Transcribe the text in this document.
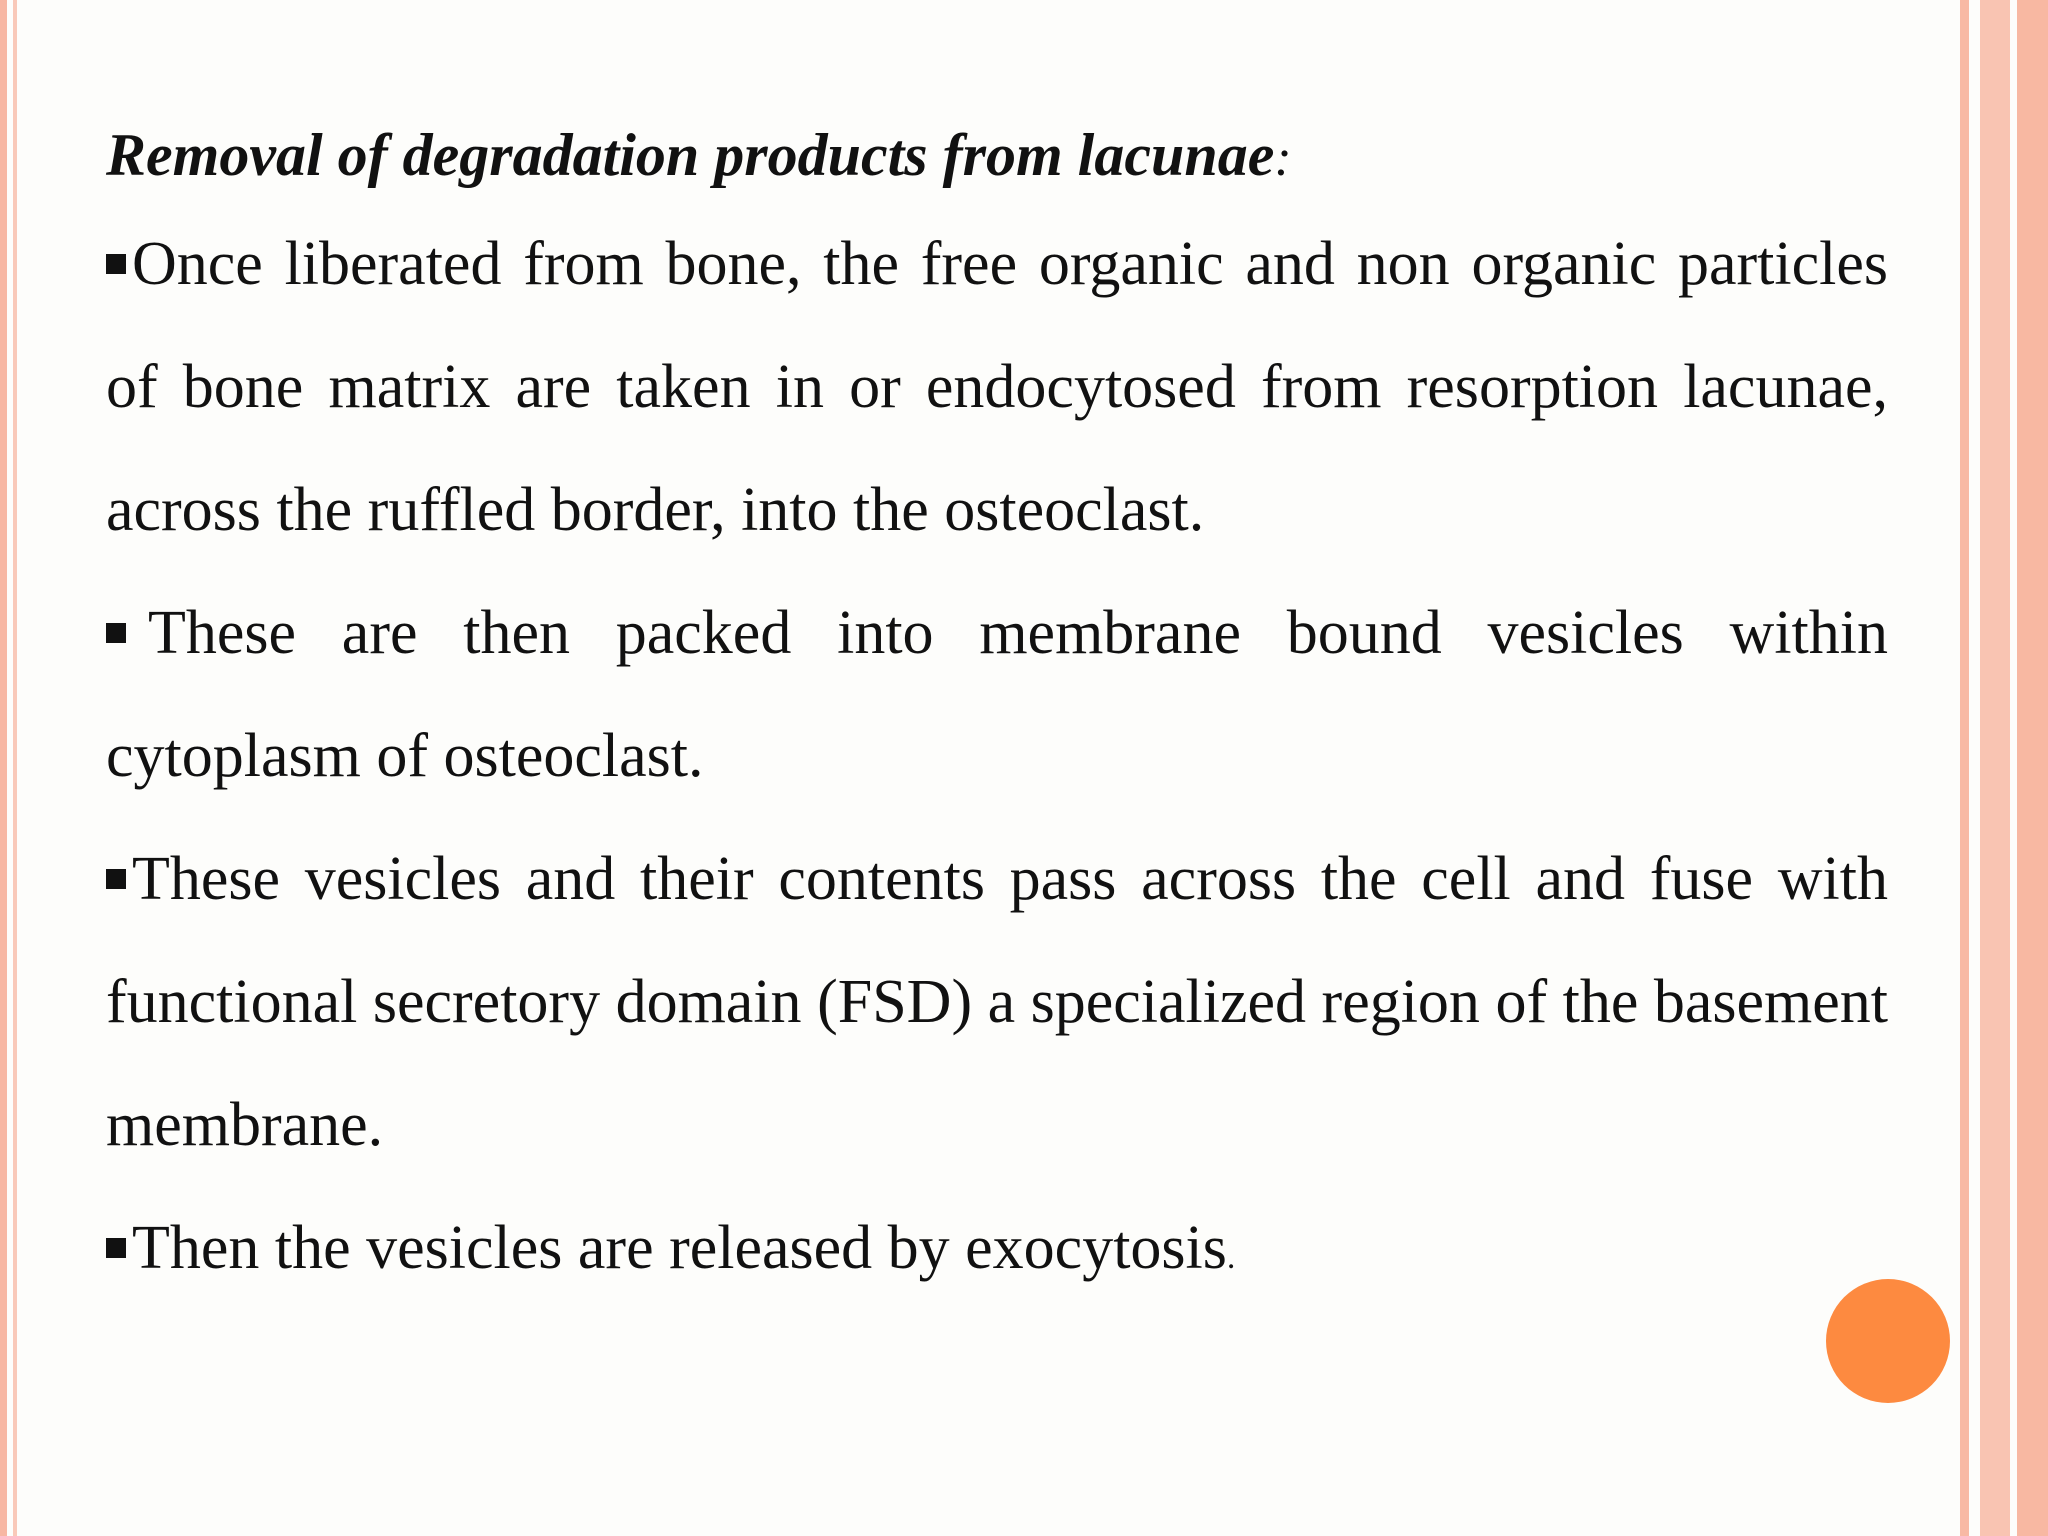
Removal of degradation products from lacunae:

Once liberated from bone, the free organic and non organic particles of bone matrix are taken in or endocytosed from resorption lacunae, across the ruffled border, into the osteoclast.

These are then packed into membrane bound vesicles within cytoplasm of osteoclast.

These vesicles and their contents pass across the cell and fuse with functional secretory domain (FSD) a specialized region of the basement membrane.

Then the vesicles are released by exocytosis.
